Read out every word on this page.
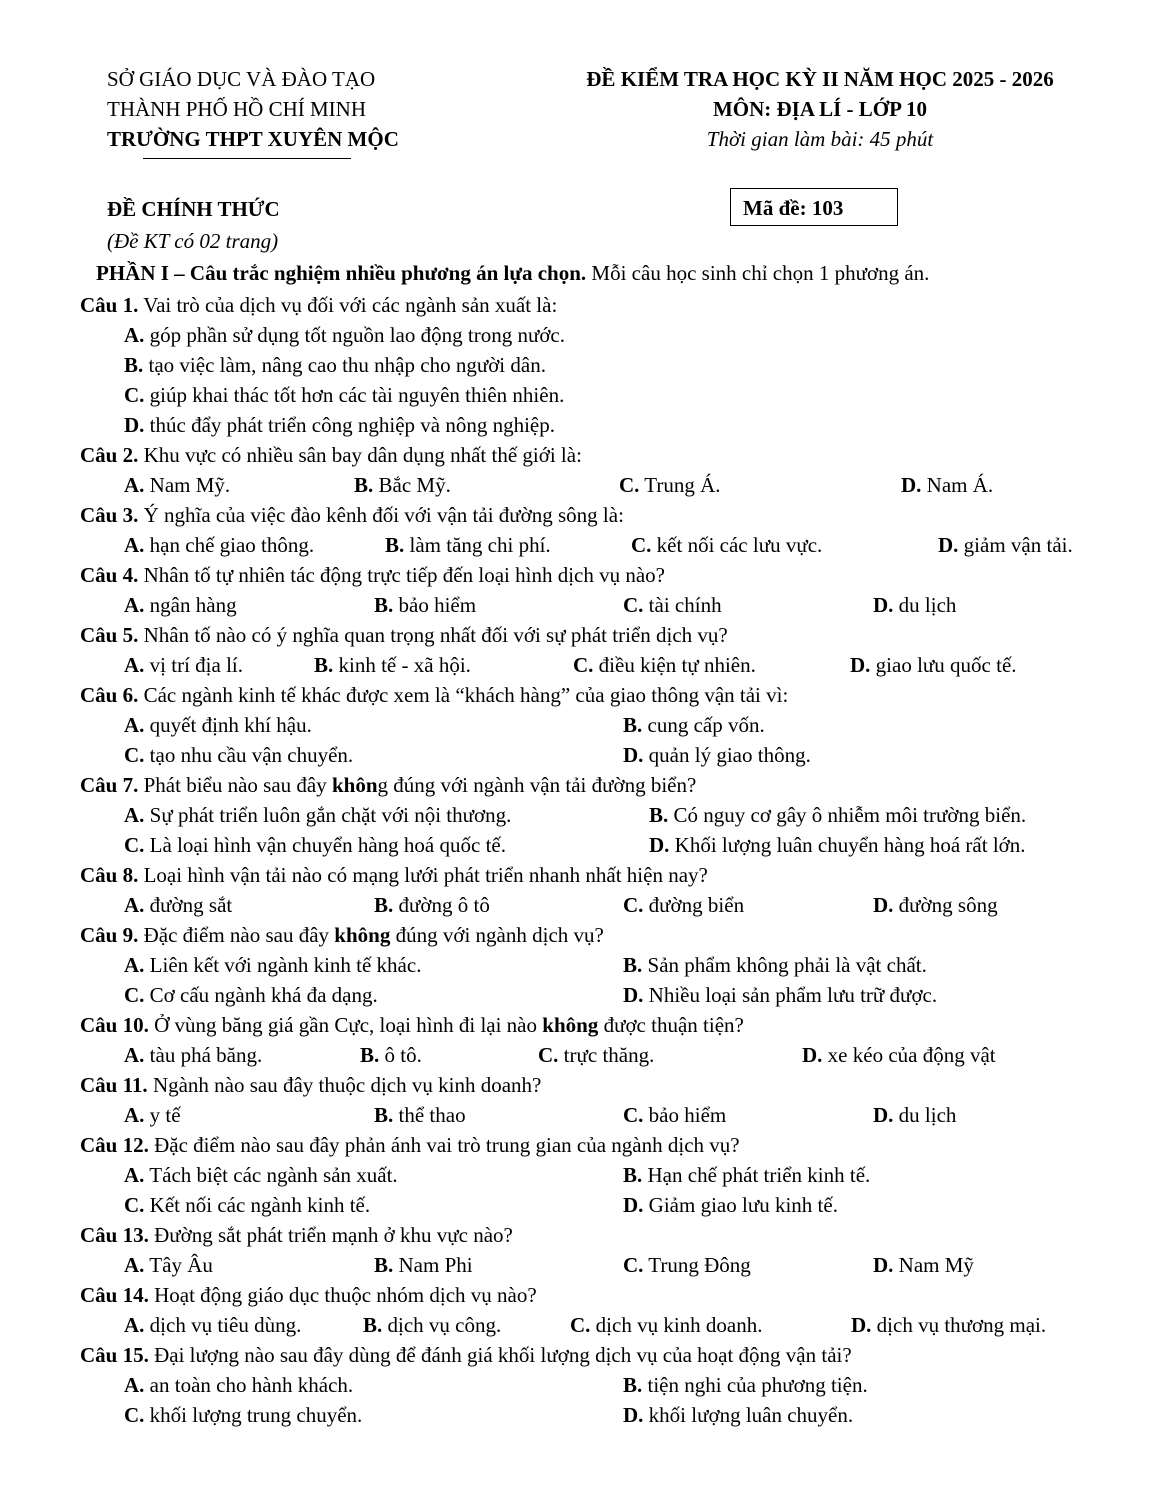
SỞ GIÁO DỤC VÀ ĐÀO TẠO
THÀNH PHỐ HỒ CHÍ MINH
TRƯỜNG THPT XUYÊN MỘC
ĐỀ KIỂM TRA HỌC KỲ II NĂM HỌC 2025 - 2026
MÔN: ĐỊA LÍ - LỚP 10
Thời gian làm bài: 45 phút
ĐỀ CHÍNH THỨC
(Đề KT có 02 trang)
Mã đề: 103
PHẦN I – Câu trắc nghiệm nhiều phương án lựa chọn. Mỗi câu học sinh chỉ chọn 1 phương án.
Câu 1. Vai trò của dịch vụ đối với các ngành sản xuất là:
A. góp phần sử dụng tốt nguồn lao động trong nước.
B. tạo việc làm, nâng cao thu nhập cho người dân.
C. giúp khai thác tốt hơn các tài nguyên thiên nhiên.
D. thúc đẩy phát triển công nghiệp và nông nghiệp.
Câu 2. Khu vực có nhiều sân bay dân dụng nhất thế giới là:
A. Nam Mỹ.	B. Bắc Mỹ.	C. Trung Á.	D. Nam Á.
Câu 3. Ý nghĩa của việc đào kênh đối với vận tải đường sông là:
A. hạn chế giao thông.	B. làm tăng chi phí.	C. kết nối các lưu vực.	D. giảm vận tải.
Câu 4. Nhân tố tự nhiên tác động trực tiếp đến loại hình dịch vụ nào?
A. ngân hàng	B. bảo hiểm	C. tài chính	D. du lịch
Câu 5. Nhân tố nào có ý nghĩa quan trọng nhất đối với sự phát triển dịch vụ?
A. vị trí địa lí.	B. kinh tế - xã hội.	C. điều kiện tự nhiên.	D. giao lưu quốc tế.
Câu 6. Các ngành kinh tế khác được xem là “khách hàng” của giao thông vận tải vì:
A. quyết định khí hậu.	B. cung cấp vốn.
C. tạo nhu cầu vận chuyển.	D. quản lý giao thông.
Câu 7. Phát biểu nào sau đây không đúng với ngành vận tải đường biển?
A. Sự phát triển luôn gắn chặt với nội thương.	B. Có nguy cơ gây ô nhiễm môi trường biển.
C. Là loại hình vận chuyển hàng hoá quốc tế.	D. Khối lượng luân chuyển hàng hoá rất lớn.
Câu 8. Loại hình vận tải nào có mạng lưới phát triển nhanh nhất hiện nay?
A. đường sắt	B. đường ô tô	C. đường biển	D. đường sông
Câu 9. Đặc điểm nào sau đây không đúng với ngành dịch vụ?
A. Liên kết với ngành kinh tế khác.	B. Sản phẩm không phải là vật chất.
C. Cơ cấu ngành khá đa dạng.	D. Nhiều loại sản phẩm lưu trữ được.
Câu 10. Ở vùng băng giá gần Cực, loại hình đi lại nào không được thuận tiện?
A. tàu phá băng.	B. ô tô.	C. trực thăng.	D. xe kéo của động vật
Câu 11. Ngành nào sau đây thuộc dịch vụ kinh doanh?
A. y tế	B. thể thao	C. bảo hiểm	D. du lịch
Câu 12. Đặc điểm nào sau đây phản ánh vai trò trung gian của ngành dịch vụ?
A. Tách biệt các ngành sản xuất.	B. Hạn chế phát triển kinh tế.
C. Kết nối các ngành kinh tế.	D. Giảm giao lưu kinh tế.
Câu 13. Đường sắt phát triển mạnh ở khu vực nào?
A. Tây Âu	B. Nam Phi	C. Trung Đông	D. Nam Mỹ
Câu 14. Hoạt động giáo dục thuộc nhóm dịch vụ nào?
A. dịch vụ tiêu dùng.	B. dịch vụ công.	C. dịch vụ kinh doanh.	D. dịch vụ thương mại.
Câu 15. Đại lượng nào sau đây dùng để đánh giá khối lượng dịch vụ của hoạt động vận tải?
A. an toàn cho hành khách.	B. tiện nghi của phương tiện.
C. khối lượng trung chuyển.	D. khối lượng luân chuyển.
